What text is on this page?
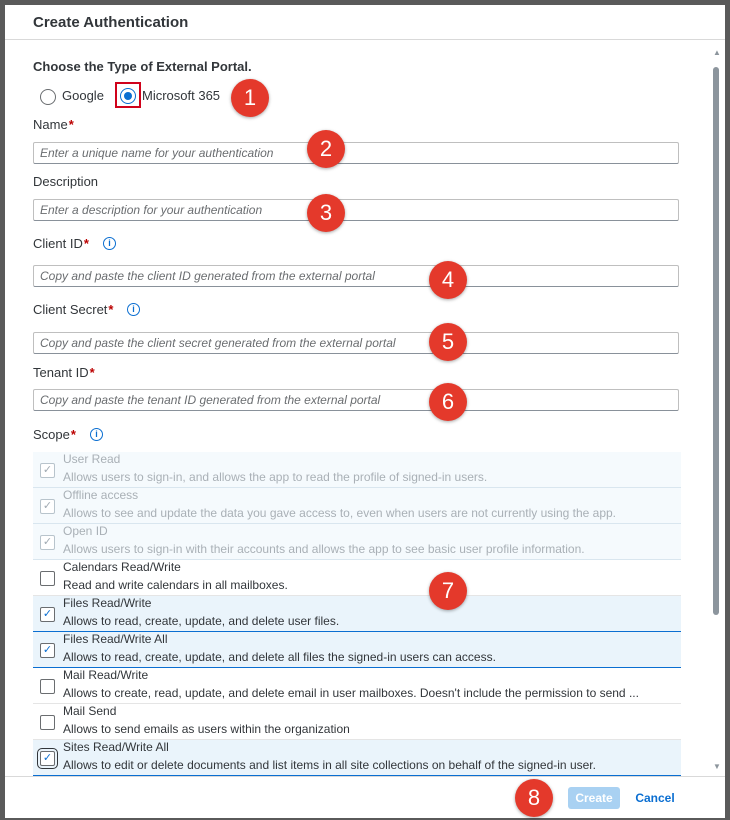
Create Authentication
Choose the Type of External Portal.
Google	Microsoft 365	1
Name*
Enter a unique name for your authentication
2
Description
Enter a description for your authentication
3
Client ID*	i
Copy and paste the client ID generated from the external portal
4
Client Secret*	i
Copy and paste the client secret generated from the external portal
5
Tenant ID*
Copy and paste the tenant ID generated from the external portal
6
Scope*	i
✓
User Read
Allows users to sign-in, and allows the app to read the profile of signed-in users.
✓
Offline access
Allows to see and update the data you gave access to, even when users are not currently using the app.
✓
Open ID
Allows users to sign-in with their accounts and allows the app to see basic user profile information.
Calendars Read/Write
Read and write calendars in all mailboxes.
✓
Files Read/Write
Allows to read, create, update, and delete user files.
✓
Files Read/Write All
Allows to read, create, update, and delete all files the signed-in users can access.
Mail Read/Write
Allows to create, read, update, and delete email in user mailboxes. Doesn't include the permission to send ...
Mail Send
Allows to send emails as users within the organization
✓
Sites Read/Write All
Allows to edit or delete documents and list items in all site collections on behalf of the signed-in user.
7
▲
▼
8	Create	Cancel
